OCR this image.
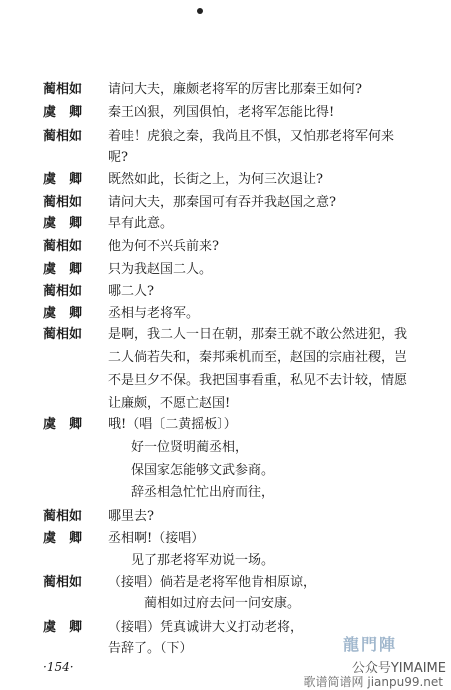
蔺相如 请问大夫，廉颇老将军的厉害比那秦王如何?
虞　卿 秦王凶狠，列国俱怕，老将军怎能比得!
蔺相如 着哇！虎狼之秦，我尚且不惧，又怕那老将军何来
呢?
虞　卿 既然如此，长街之上，为何三次退让?
蔺相如 请问大夫，那秦国可有吞并我赵国之意?
虞　卿 早有此意。
蔺相如 他为何不兴兵前来?
虞　卿 只为我赵国二人。
蔺相如 哪二人?
虞　卿 丞相与老将军。
蔺相如 是啊，我二人一日在朝，那秦王就不敢公然进犯，我
二人倘若失和，秦邦乘机而至，赵国的宗庙社稷，岂
不是旦夕不保。我把国事看重，私见不去计较，情愿
让廉颇，不愿亡赵国!
虞　卿 哦!（唱〔二黄摇板〕）
好一位贤明蔺丞相，
保国家怎能够文武参商。
辞丞相急忙忙出府而往，
蔺相如 哪里去?
虞　卿 丞相啊!（接唱）
见了那老将军劝说一场。
蔺相如 （接唱）倘若是老将军他肯相原谅，
蔺相如过府去问一问安康。
虞　卿 （接唱）凭真诚讲大义打动老将，
告辞了。（下）
·154·
龍門陣
公众号YIMAIME
歌谱简谱网 jianpu99.net
